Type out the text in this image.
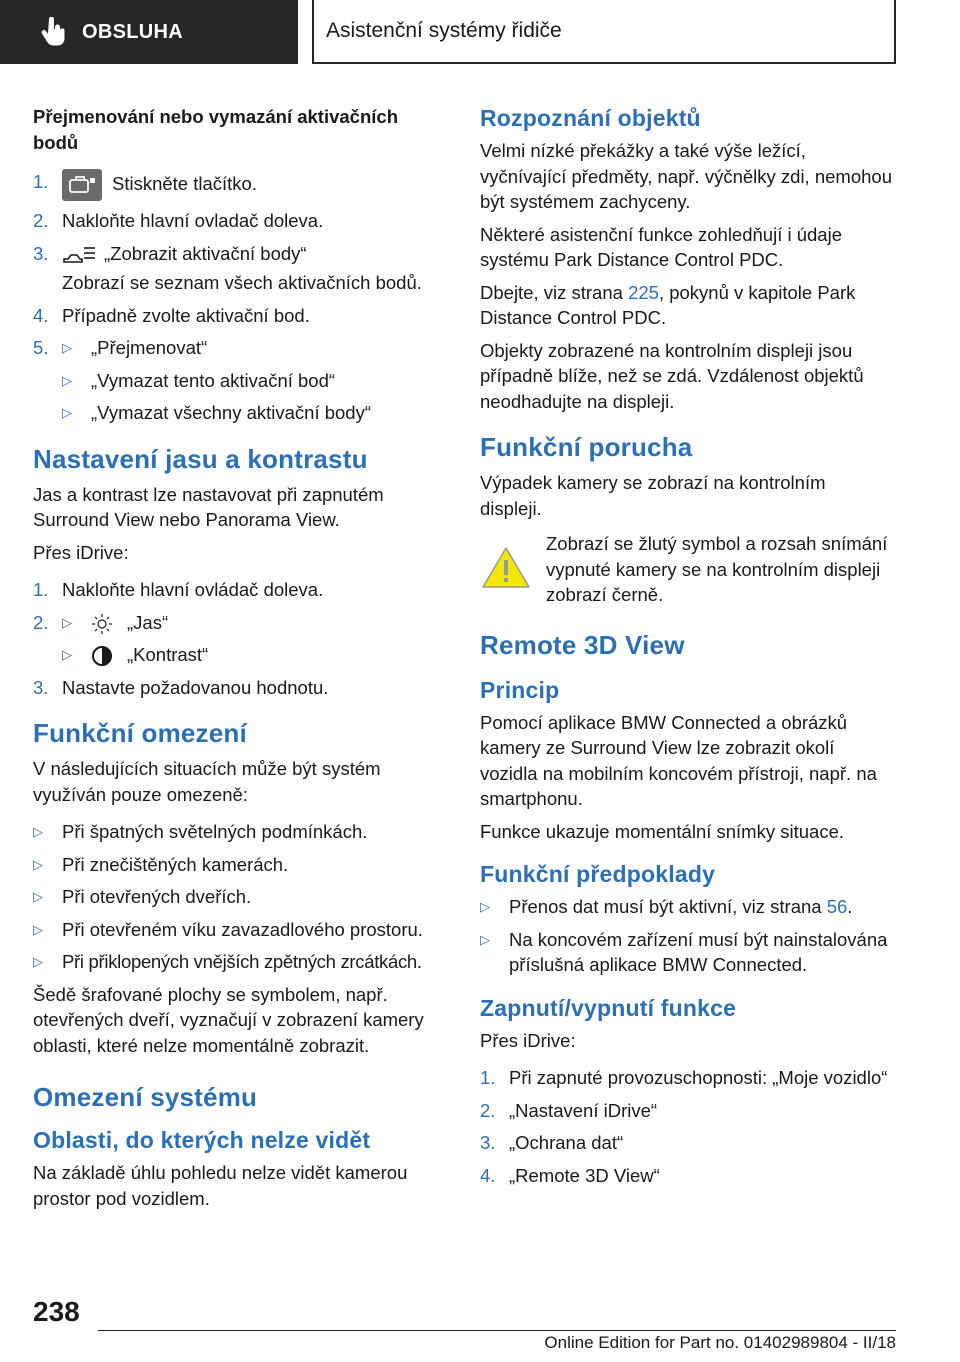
OBSLUHA	Asistenční systémy řidiče
Přejmenování nebo vymazání aktivačních bodů
1.	Stiskněte tlačítko.
2. Nakloňte hlavní ovladač doleva.
3.	„Zobrazit aktivační body“
Zobrazí se seznam všech aktivačních bodů.
4. Případně zvolte aktivační bod.
5.	▷	„Přejmenovat“
▷	„Vymazat tento aktivační bod“
▷	„Vymazat všechny aktivační body“
Nastavení jasu a kontrastu
Jas a kontrast lze nastavovat při zapnutém Surround View nebo Panorama View.
Přes iDrive:
1. Nakloňte hlavní ovládač doleva.
2.	▷	„Jas“
▷	„Kontrast“
3. Nastavte požadovanou hodnotu.
Funkční omezení
V následujících situacích může být systém využíván pouze omezeně:
▷	Při špatných světelných podmínkách.
▷	Při znečištěných kamerách.
▷	Při otevřených dveřích.
▷	Při otevřeném víku zavazadlového prostoru.
▷	Při přiklopených vnějších zpětných zrcátkách.
Šedě šrafované plochy se symbolem, např. otevřených dveří, vyznačují v zobrazení kamery oblasti, které nelze momentálně zobrazit.
Omezení systému
Oblasti, do kterých nelze vidět
Na základě úhlu pohledu nelze vidět kamerou prostor pod vozidlem.
Rozpoznání objektů
Velmi nízké překážky a také výše ležící, vyčnívající předměty, např. výčnělky zdi, nemohou být systémem zachyceny.
Některé asistenční funkce zohledňují i údaje systému Park Distance Control PDC.
Dbejte, viz strana 225, pokynů v kapitole Park Distance Control PDC.
Objekty zobrazené na kontrolním displeji jsou případně blíže, než se zdá. Vzdálenost objektů neodhadujte na displeji.
Funkční porucha
Výpadek kamery se zobrazí na kontrolním displeji.
Zobrazí se žlutý symbol a rozsah snímání vypnuté kamery se na kontrolním displeji zobrazí černě.
Remote 3D View
Princip
Pomocí aplikace BMW Connected a obrázků kamery ze Surround View lze zobrazit okolí vozidla na mobilním koncovém přístroji, např. na smartphonu.
Funkce ukazuje momentální snímky situace.
Funkční předpoklady
▷	Přenos dat musí být aktivní, viz strana 56.
▷	Na koncovém zařízení musí být nainstalována příslušná aplikace BMW Connected.
Zapnutí/vypnutí funkce
Přes iDrive:
1. Při zapnuté provozuschopnosti: „Moje vozidlo“
2. „Nastavení iDrive“
3. „Ochrana dat“
4. „Remote 3D View“
238
Online Edition for Part no. 01402989804 - II/18
